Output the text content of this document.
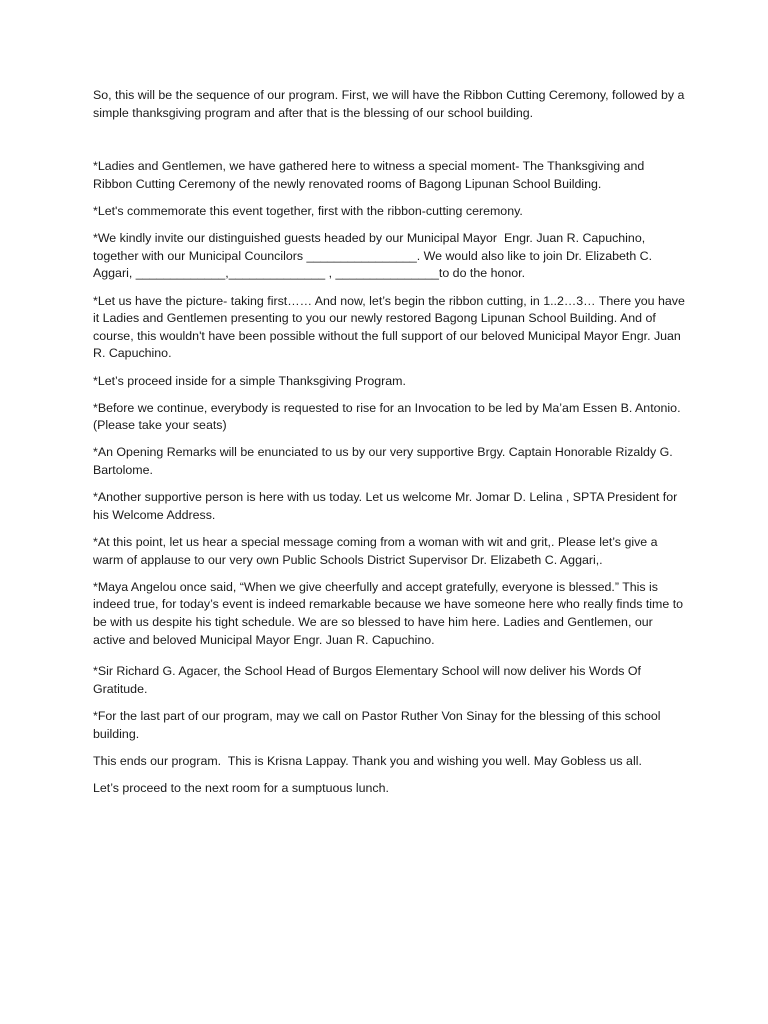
So, this will be the sequence of our program. First, we will have the Ribbon Cutting Ceremony, followed by a simple thanksgiving program and after that is the blessing of our school building.

*Ladies and Gentlemen, we have gathered here to witness a special moment- The Thanksgiving and Ribbon Cutting Ceremony of the newly renovated rooms of Bagong Lipunan School Building.

*Let's commemorate this event together, first with the ribbon-cutting ceremony.

*We kindly invite our distinguished guests headed by our Municipal Mayor  Engr. Juan R. Capuchino, together with our Municipal Councilors ________________. We would also like to join Dr. Elizabeth C. Aggari, _____________,______________ , _______________to do the honor.

*Let us have the picture- taking first…… And now, let’s begin the ribbon cutting, in 1..2…3… There you have it Ladies and Gentlemen presenting to you our newly restored Bagong Lipunan School Building. And of course, this wouldn't have been possible without the full support of our beloved Municipal Mayor Engr. Juan R. Capuchino.

*Let’s proceed inside for a simple Thanksgiving Program.

*Before we continue, everybody is requested to rise for an Invocation to be led by Ma’am Essen B. Antonio.   (Please take your seats)

*An Opening Remarks will be enunciated to us by our very supportive Brgy. Captain Honorable Rizaldy G. Bartolome.

*Another supportive person is here with us today. Let us welcome Mr. Jomar D. Lelina , SPTA President for his Welcome Address.

*At this point, let us hear a special message coming from a woman with wit and grit,. Please let’s give a warm of applause to our very own Public Schools District Supervisor Dr. Elizabeth C. Aggari,.

*Maya Angelou once said, “When we give cheerfully and accept gratefully, everyone is blessed.” This is indeed true, for today’s event is indeed remarkable because we have someone here who really finds time to be with us despite his tight schedule. We are so blessed to have him here. Ladies and Gentlemen, our active and beloved Municipal Mayor Engr. Juan R. Capuchino.

*Sir Richard G. Agacer, the School Head of Burgos Elementary School will now deliver his Words Of Gratitude.

*For the last part of our program, may we call on Pastor Ruther Von Sinay for the blessing of this school building.

This ends our program.  This is Krisna Lappay. Thank you and wishing you well. May Gobless us all.

Let’s proceed to the next room for a sumptuous lunch.
